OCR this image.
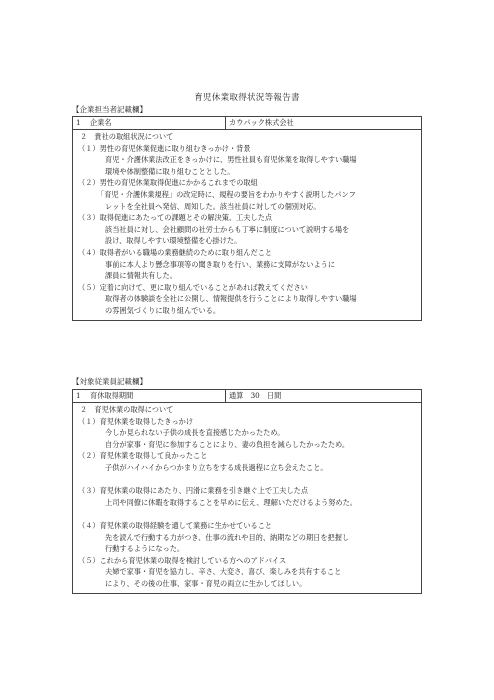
育児休業取得状況等報告書
【企業担当者記載欄】
1 企業名	カウパック株式会社

２　貴社の取組状況について
（１）男性の育児休業促進に取り組むきっかけ・背景
育児・介護休業法改正をきっかけに、男性社員も育児休業を取得しやすい職場
環境や体制整備に取り組むこととした。
（２）男性の育児休業取得促進にかかるこれまでの取組
「育児・介護休業規程」の改定時に、規程の要旨をわかりやすく説明したパンフ
レットを全社員へ発信、周知した。該当社員に対しての個別対応。
（３）取得促進にあたっての課題とその解決策、工夫した点
該当社員に対し、会社顧問の社労士からも丁寧に制度について説明する場を
設け、取得しやすい環境整備を心掛けた。
（４）取得者がいる職場の業務継続のために取り組んだこと
事前に本人より懸念事項等の聞き取りを行い、業務に支障がないように
課員に情報共有した。
（５）定着に向けて、更に取り組んでいることがあれば教えてください
取得者の体験談を全社に公開し、情報提供を行うことにより取得しやすい職場
の雰囲気づくりに取り組んでいる。
【対象従業員記載欄】
1 育休取得期間	通算　30　日間

２　育児休業の取得について
（１）育児休業を取得したきっかけ
今しか見られない子供の成長を直接感じたかったため。
自分が家事・育児に参加することにより、妻の負担を減らしたかったため。
（２）育児休業を取得して良かったこと
子供がハイハイからつかまり立ちをする成長過程に立ち会えたこと。
（３）育児休業の取得にあたり、円滑に業務を引き継ぐ上で工夫した点
上司や同僚に休暇を取得することを早めに伝え、理解いただけるよう努めた。
（４）育児休業の取得経験を通して業務に生かせていること
先を読んで行動する力がつき、仕事の流れや目的、納期などの期日を把握し
行動するようになった。
（５）これから育児休業の取得を検討している方へのアドバイス
夫婦で家事・育児を協力し、辛さ、大変さ、喜び、楽しみを共有すること
により、その後の仕事、家事・育児の両立に生かしてほしい。
